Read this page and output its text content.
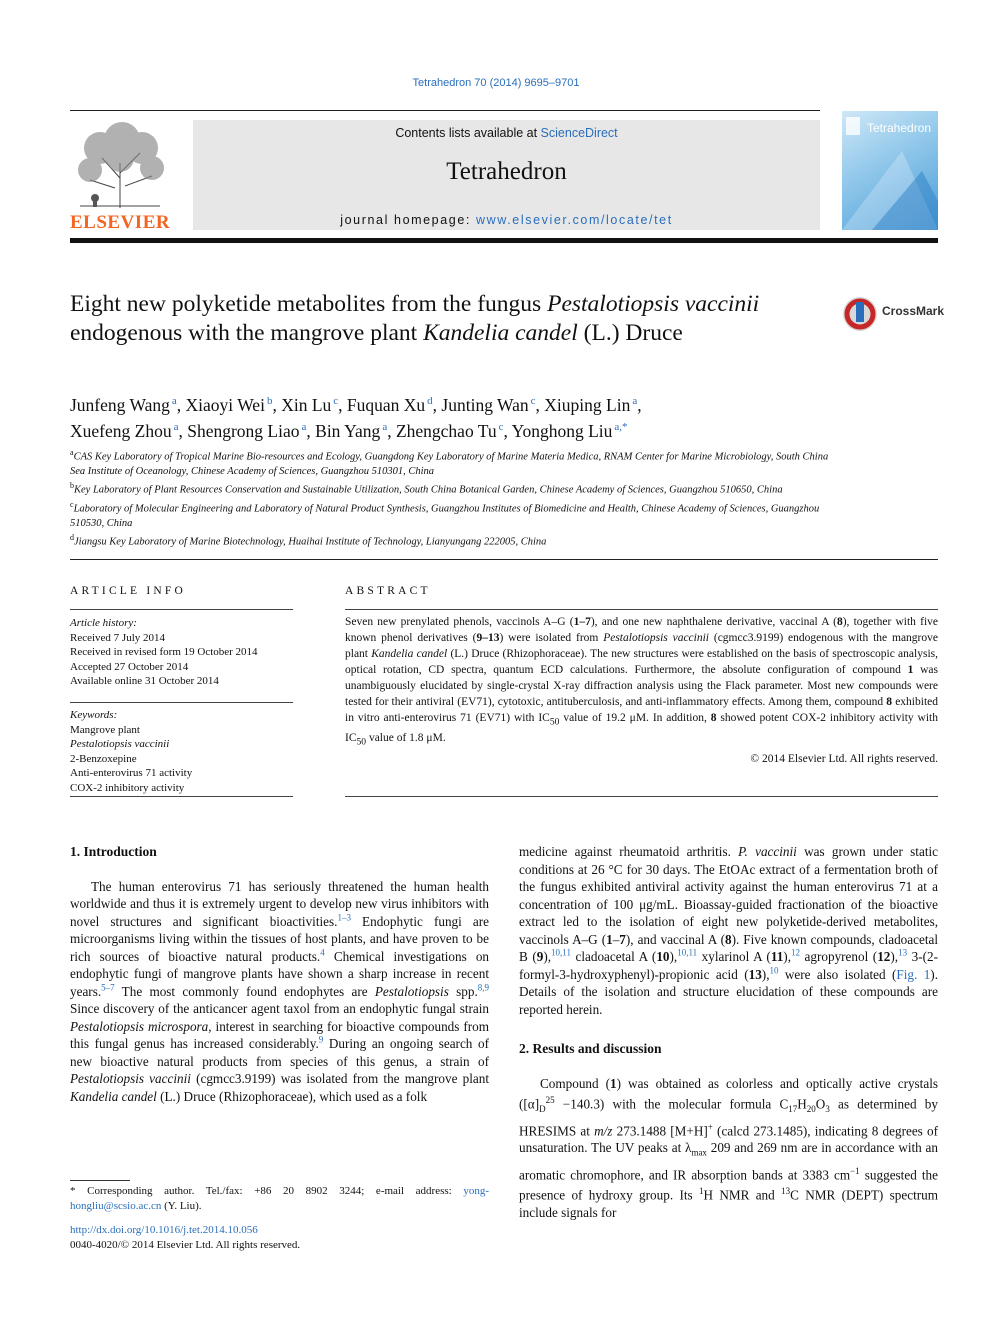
Tetrahedron 70 (2014) 9695–9701
ELSEVIER
Contents lists available at ScienceDirect
Tetrahedron
journal homepage: www.elsevier.com/locate/tet
Tetrahedron
Eight new polyketide metabolites from the fungus Pestalotiopsis vaccinii endogenous with the mangrove plant Kandelia candel (L.) Druce
CrossMark
Junfeng Wang $^a$, Xiaoyi Wei $^b$, Xin Lu $^c$, Fuquan Xu $^d$, Junting Wan $^c$, Xiuping Lin $^a$,
Xuefeng Zhou $^a$, Shengrong Liao $^a$, Bin Yang $^a$, Zhengchao Tu $^c$, Yonghong Liu $^{a,*}$
$^a$CAS Key Laboratory of Tropical Marine Bio-resources and Ecology, Guangdong Key Laboratory of Marine Materia Medica, RNAM Center for Marine Microbiology, South China Sea Institute of Oceanology, Chinese Academy of Sciences, Guangzhou 510301, China
$^b$Key Laboratory of Plant Resources Conservation and Sustainable Utilization, South China Botanical Garden, Chinese Academy of Sciences, Guangzhou 510650, China
$^c$Laboratory of Molecular Engineering and Laboratory of Natural Product Synthesis, Guangzhou Institutes of Biomedicine and Health, Chinese Academy of Sciences, Guangzhou 510530, China
$^d$Jiangsu Key Laboratory of Marine Biotechnology, Huaihai Institute of Technology, Lianyungang 222005, China
ARTICLE INFO	ABSTRACT
Article history:
Received 7 July 2014
Received in revised form 19 October 2014
Accepted 27 October 2014
Available online 31 October 2014
Keywords:
Mangrove plant
Pestalotiopsis vaccinii
2-Benzoxepine
Anti-enterovirus 71 activity
COX-2 inhibitory activity
Seven new prenylated phenols, vaccinols A–G (1–7), and one new naphthalene derivative, vaccinal A (8), together with five known phenol derivatives (9–13) were isolated from Pestalotiopsis vaccinii (cgmcc3.9199) endogenous with the mangrove plant Kandelia candel (L.) Druce (Rhizophoraceae). The new structures were established on the basis of spectroscopic analysis, optical rotation, CD spectra, quantum ECD calculations. Furthermore, the absolute configuration of compound 1 was unambiguously elucidated by single-crystal X-ray diffraction analysis using the Flack parameter. Most new compounds were tested for their antiviral (EV71), cytotoxic, antituberculosis, and anti-inflammatory effects. Among them, compound 8 exhibited in vitro anti-enterovirus 71 (EV71) with $IC_{50}$ value of 19.2 μM. In addition, 8 showed potent COX-2 inhibitory activity with $IC_{50}$ value of 1.8 μM.
© 2014 Elsevier Ltd. All rights reserved.
1. Introduction

The human enterovirus 71 has seriously threatened the human health worldwide and thus it is extremely urgent to develop new virus inhibitors with novel structures and significant bioactivities.$^{1-3}$ Endophytic fungi are microorganisms living within the tissues of host plants, and have proven to be rich sources of bioactive natural products.$^4$ Chemical investigations on endophytic fungi of mangrove plants have shown a sharp increase in recent years.$^{5-7}$ The most commonly found endophytes are Pestalotiopsis spp.$^{8,9}$ Since discovery of the anticancer agent taxol from an endophytic fungal strain Pestalotiopsis microspora, interest in searching for bioactive compounds from this fungal genus has increased considerably.$^9$ During an ongoing search of new bioactive natural products from species of this genus, a strain of Pestalotiopsis vaccinii (cgmcc3.9199) was isolated from the mangrove plant Kandelia candel (L.) Druce (Rhizophoraceae), which used as a folk

* Corresponding author. Tel./fax: +86 20 8902 3244; e-mail address: yong-hongliu@scsio.ac.cn (Y. Liu).
http://dx.doi.org/10.1016/j.tet.2014.10.056
0040-4020/© 2014 Elsevier Ltd. All rights reserved.

medicine against rheumatoid arthritis. P. vaccinii was grown under static conditions at 26 °C for 30 days. The EtOAc extract of a fermentation broth of the fungus exhibited antiviral activity against the human enterovirus 71 at a concentration of 100 μg/mL. Bioassay-guided fractionation of the bioactive extract led to the isolation of eight new polyketide-derived metabolites, vaccinols A–G (1–7), and vaccinal A (8). Five known compounds, cladoacetal B (9),$^{10,11}$ cladoacetal A (10),$^{10,11}$ xylarinol A (11),$^{12}$ agropyrenol (12),$^{13}$ 3-(2-formyl-3-hydroxyphenyl)-propionic acid (13),$^{10}$ were also isolated (Fig. 1). Details of the isolation and structure elucidation of these compounds are reported herein.

2. Results and discussion

Compound (1) was obtained as colorless and optically active crystals $([\alpha]_D^{25} -140.3)$ with the molecular formula $C_{17}H_{20}O_3$ as determined by HRESIMS at m/z 273.1488 [M+H]+ (calcd 273.1485), indicating 8 degrees of unsaturation. The UV peaks at $\lambda_{max}$ 209 and 269 nm are in accordance with an aromatic chromophore, and IR absorption bands at 3383 $cm^{-1}$ suggested the presence of hydroxy group. Its $^1$H NMR and $^{13}$C NMR (DEPT) spectrum include signals for
